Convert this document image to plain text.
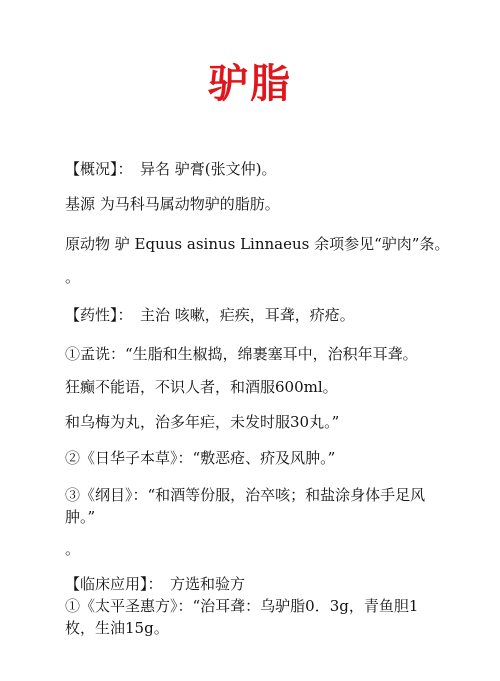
驴脂
【概况】：　异名 驴膏(张文仲)。
基源 为马科马属动物驴的脂肪。
原动物 驴 Equus asinus Linnaeus 余项参见“驴肉”条。
。
【药性】：　主治 咳嗽，疟疾，耳聋，疥疮。
①孟诜：“生脂和生椒捣，绵裹塞耳中，治积年耳聋。
狂癫不能语，不识人者，和酒服600ml。
和乌梅为丸，治多年疟，未发时服30丸。”
②《日华子本草》：“敷恶疮、疥及风肿。”
③《纲目》：“和酒等份服，治卒咳；和盐涂身体手足风肿。”
。
【临床应用】：　方选和验方
①《太平圣惠方》：“治耳聋：乌驴脂0．3g，青鱼胆1枚，生油15g。
